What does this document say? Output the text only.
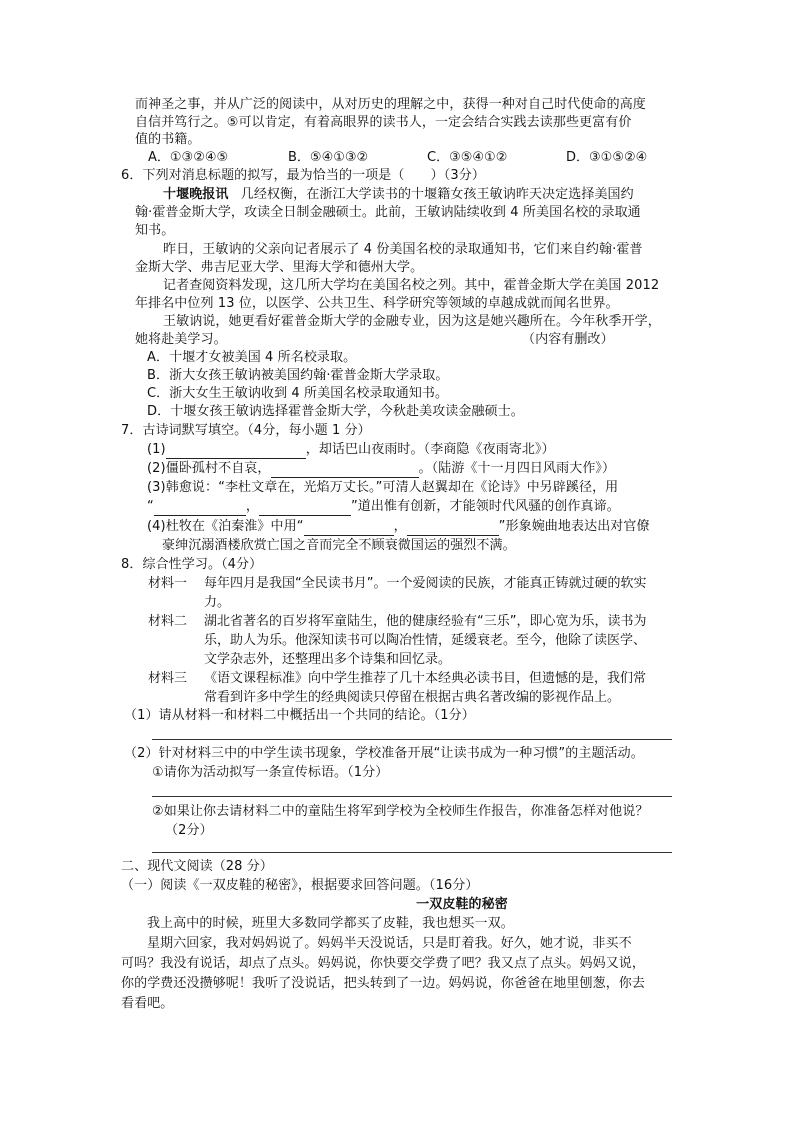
而神圣之事，并从广泛的阅读中，从对历史的理解之中，获得一种对自己时代使命的高度
自信并笃行之。⑤可以肯定，有着高眼界的读书人，一定会结合实践去读那些更富有价
值的书籍。
A．①③②④⑤	B．⑤④①③②	C．③⑤④①②	D．③①⑤②④
6．下列对消息标题的拟写，最为恰当的一项是（　　）（3分）
十堰晚报讯 几经权衡，在浙江大学读书的十堰籍女孩王敏讷昨天决定选择美国约
翰·霍普金斯大学，攻读全日制金融硕士。此前，王敏讷陆续收到 4 所美国名校的录取通
知书。
昨日，王敏讷的父亲向记者展示了 4 份美国名校的录取通知书，它们来自约翰·霍普
金斯大学、弗吉尼亚大学、里海大学和德州大学。
记者查阅资料发现，这几所大学均在美国名校之列。其中，霍普金斯大学在美国 2012
年排名中位列 13 位，以医学、公共卫生、科学研究等领域的卓越成就而闻名世界。
王敏讷说，她更看好霍普金斯大学的金融专业，因为这是她兴趣所在。今年秋季开学，
她将赴美学习。	（内容有删改）
A．十堰才女被美国 4 所名校录取。
B．浙大女孩王敏讷被美国约翰·霍普金斯大学录取。
C．浙大女生王敏讷收到 4 所美国名校录取通知书。
D．十堰女孩王敏讷选择霍普金斯大学，今秋赴美攻读金融硕士。
7．古诗词默写填空。（4分，每小题 1 分）
(1)	，却话巴山夜雨时。（李商隐《夜雨寄北》）
(2)僵卧孤村不自哀，	。（陆游《十一月四日风雨大作》）
(3)韩愈说：“李杜文章在，光焰万丈长。”可清人赵翼却在《论诗》中另辟蹊径，用
“	，	”道出惟有创新，才能领时代风骚的创作真谛。
(4)杜牧在《泊秦淮》中用“	，	”形象婉曲地表达出对官僚
豪绅沉溺酒楼欣赏亡国之音而完全不顾衰微国运的强烈不满。
8．综合性学习。（4分）
材料一 每年四月是我国“全民读书月”。一个爱阅读的民族，才能真正铸就过硬的软实
力。
材料二 湖北省著名的百岁将军童陆生，他的健康经验有“三乐”，即心宽为乐，读书为
乐，助人为乐。他深知读书可以陶冶性情，延缓衰老。至今，他除了读医学、
文学杂志外，还整理出多个诗集和回忆录。
材料三 《语文课程标准》向中学生推荐了几十本经典必读书目，但遗憾的是，我们常
常看到许多中学生的经典阅读只停留在根据古典名著改编的影视作品上。
（1）请从材料一和材料二中概括出一个共同的结论。（1分）
（2）针对材料三中的中学生读书现象，学校准备开展“让读书成为一种习惯”的主题活动。
①请你为活动拟写一条宣传标语。（1分）
②如果让你去请材料二中的童陆生将军到学校为全校师生作报告，你准备怎样对他说？
（2分）
二、现代文阅读（28 分）
（一）阅读《一双皮鞋的秘密》，根据要求回答问题。（16分）
一双皮鞋的秘密
我上高中的时候，班里大多数同学都买了皮鞋，我也想买一双。
星期六回家，我对妈妈说了。妈妈半天没说话，只是盯着我。好久，她才说，非买不
可吗？我没有说话，却点了点头。妈妈说，你快要交学费了吧？我又点了点头。妈妈又说，
你的学费还没攒够呢！我听了没说话，把头转到了一边。妈妈说，你爸爸在地里刨葱，你去
看看吧。
